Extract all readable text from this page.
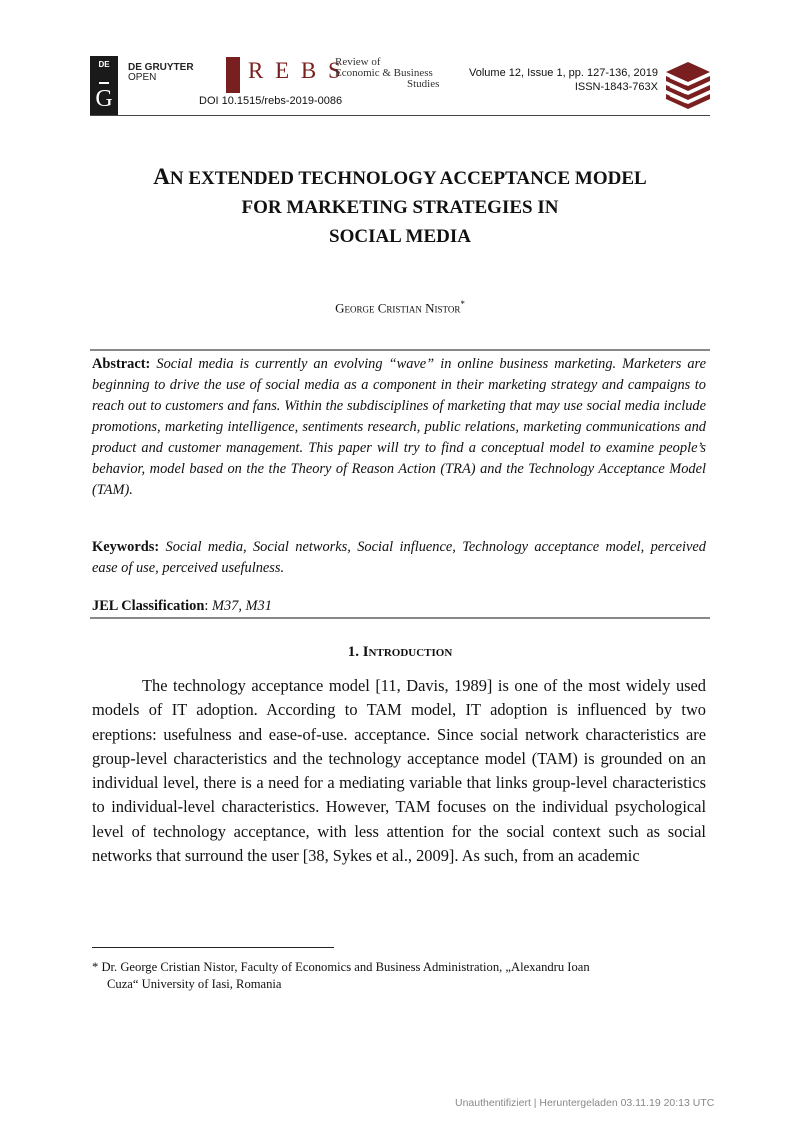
DE
G
DE GRUYTER
OPEN	R E B S
Review of
Economic & Business

Studies
DOI 10.1515/rebs-2019-0086
Volume 12, Issue 1, pp. 127-136, 2019
ISSN-1843-763X
AN EXTENDED TECHNOLOGY ACCEPTANCE MODEL
FOR MARKETING STRATEGIES IN
SOCIAL MEDIA
George Cristian Nistor*
Abstract: Social media is currently an evolving “wave” in online business marketing. Marketers are beginning to drive the use of social media as a component in their marketing strategy and campaigns to reach out to customers and fans. Within the subdisciplines of marketing that may use social media include promotions, marketing intelligence, sentiments research, public relations, marketing communications and product and customer management. This paper will try to find a conceptual model to examine people’s behavior, model based on the the Theory of Reason Action (TRA) and the Technology Acceptance Model (TAM).
Keywords: Social media, Social networks, Social influence, Technology acceptance model, perceived ease of use, perceived usefulness.
JEL Classification: M37, M31
1. Introduction

The technology acceptance model [11, Davis, 1989] is one of the most widely used models of IT adoption. According to TAM model, IT adoption is influenced by two ereptions: usefulness and ease-of-use. acceptance. Since social network characteristics are group-level characteristics and the technology acceptance model (TAM) is grounded on an individual level, there is a need for a mediating variable that links group-level characteristics to individual-level characteristics. However, TAM focuses on the individual psychological level of technology acceptance, with less attention for the social context such as social networks that surround the user [38, Sykes et al., 2009]. As such, from an academic

* Dr. George Cristian Nistor, Faculty of Economics and Business Administration, „Alexandru Ioan
Cuza“ University of Iasi, Romania
Unauthentifiziert | Heruntergeladen 03.11.19 20:13 UTC
